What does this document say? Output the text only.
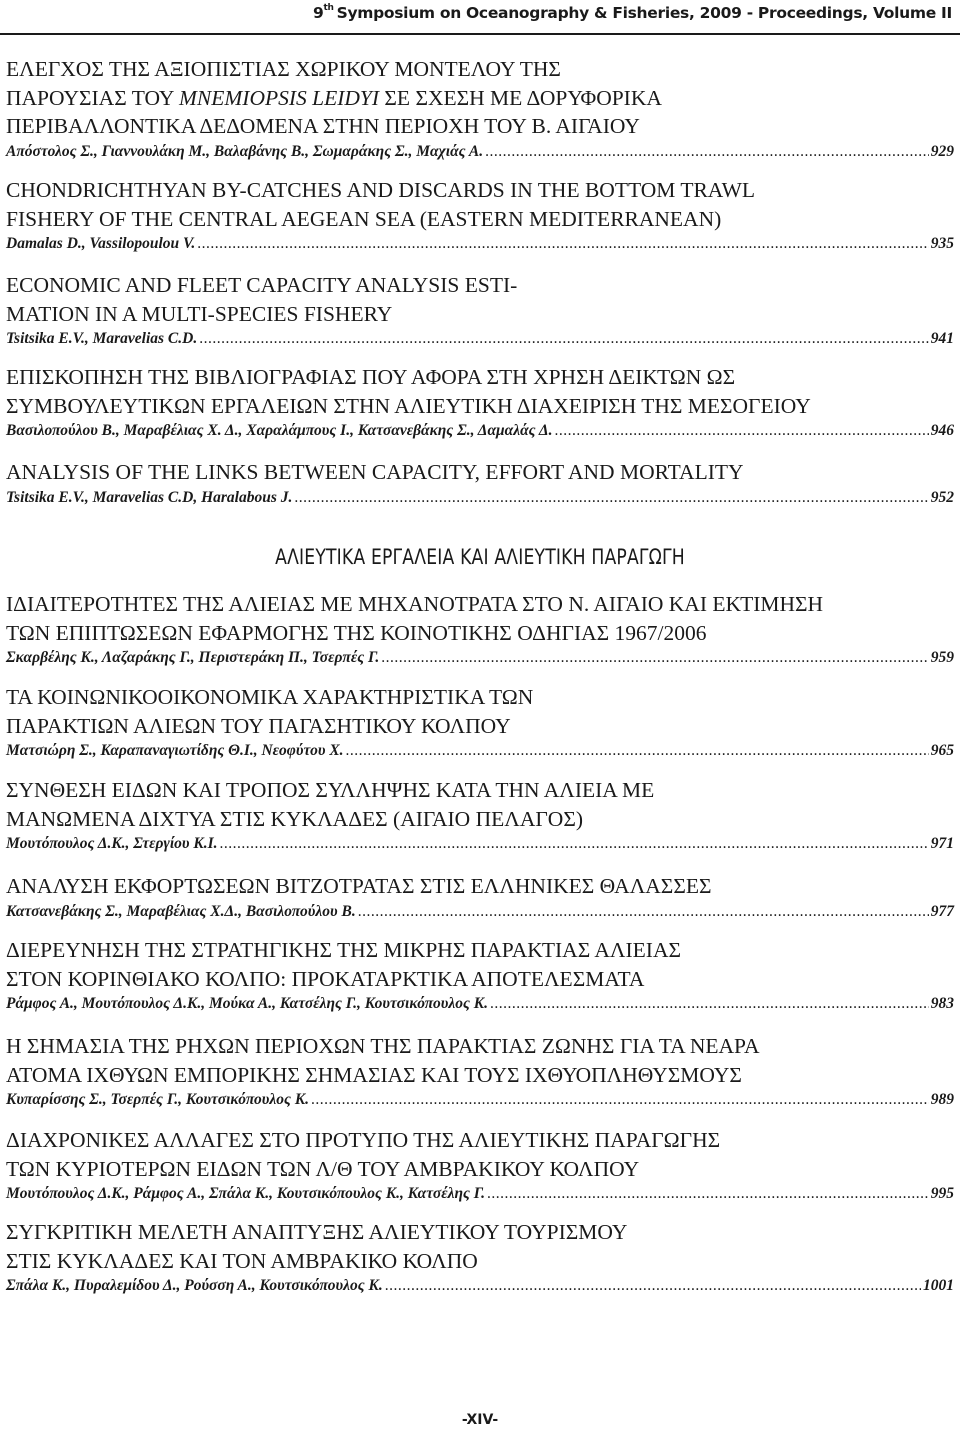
9th Symposium on Oceanography & Fisheries, 2009 - Proceedings, Volume II
ΕΛΕΓΧΟΣ ΤΗΣ ΑΞΙΟΠΙΣΤΙΑΣ ΧΩΡΙΚΟΥ ΜΟΝΤΕΛΟΥ ΤΗΣ
ΠΑΡΟΥΣΙΑΣ ΤΟΥ MNEMIOPSIS LEIDYI ΣΕ ΣΧΕΣΗ ΜΕ ΔΟΡΥΦΟΡΙΚΑ
ΠΕΡΙΒΑΛΛΟΝΤΙΚΑ ΔΕΔΟΜΕΝΑ ΣΤΗΝ ΠΕΡΙΟΧΗ ΤΟΥ Β. ΑΙΓΑΙΟΥ
Απόστολος Σ., Γιαννουλάκη Μ., Βαλαβάνης Β., Σωμαράκης Σ., Μαχιάς Α. .....	929
CHONDRICHTHYAN BY-CATCHES AND DISCARDS IN THE BOTTOM TRAWL
FISHERY OF THE CENTRAL AEGEAN SEA (EASTERN MEDITERRANEAN)
Damalas D., Vassilopoulou V. .....	935
ECONOMIC AND FLEET CAPACITY ANALYSIS ESTI-
MATION IN A MULTI-SPECIES FISHERY
Tsitsika E.V., Maravelias C.D. .....	941
ΕΠΙΣΚΟΠΗΣΗ ΤΗΣ ΒΙΒΛΙΟΓΡΑΦΙΑΣ ΠΟΥ ΑΦΟΡΑ ΣΤΗ ΧΡΗΣΗ ΔΕΙΚΤΩΝ ΩΣ
ΣΥΜΒΟΥΛΕΥΤΙΚΩΝ ΕΡΓΑΛΕΙΩΝ ΣΤΗΝ ΑΛΙΕΥΤΙΚΗ ΔΙΑΧΕΙΡΙΣΗ ΤΗΣ ΜΕΣΟΓΕΙΟΥ
Βασιλοπούλου Β., Μαραβέλιας Χ. Δ., Χαραλάμπους Ι., Κατσανεβάκης Σ., Δαμαλάς Δ. .....	946
ANALYSIS OF THE LINKS BETWEEN CAPACITY, EFFORT AND MORTALITY
Tsitsika E.V., Maravelias C.D, Haralabous J. .....	952
ΑΛΙΕΥΤΙΚΑ ΕΡΓΑΛΕΙΑ ΚΑΙ ΑΛΙΕΥΤΙΚΗ ΠΑΡΑΓΩΓΗ
ΙΔΙΑΙΤΕΡΟΤΗΤΕΣ ΤΗΣ ΑΛΙΕΙΑΣ ΜΕ ΜΗΧΑΝΟΤΡΑΤΑ ΣΤΟ Ν. ΑΙΓΑΙΟ ΚΑΙ ΕΚΤΙΜΗΣΗ
ΤΩΝ ΕΠΙΠΤΩΣΕΩΝ ΕΦΑΡΜΟΓΗΣ ΤΗΣ ΚΟΙΝΟΤΙΚΗΣ ΟΔΗΓΙΑΣ 1967/2006
Σκαρβέλης Κ., Λαζαράκης Γ., Περιστεράκη Π., Τσερπές Γ. .....	959
ΤΑ ΚΟΙΝΩΝΙΚΟΟΙΚΟΝΟΜΙΚΑ ΧΑΡΑΚΤΗΡΙΣΤΙΚΑ ΤΩΝ
ΠΑΡΑΚΤΙΩΝ ΑΛΙΕΩΝ ΤΟΥ ΠΑΓΑΣΗΤΙΚΟΥ ΚΟΛΠΟΥ
Ματσιώρη Σ., Καραπαναγιωτίδης Θ.Ι., Νεοφύτου Χ. .....	965
ΣΥΝΘΕΣΗ ΕΙΔΩΝ ΚΑΙ ΤΡΟΠΟΣ ΣΥΛΛΗΨΗΣ ΚΑΤΑ ΤΗΝ ΑΛΙΕΙΑ ΜΕ
ΜΑΝΩΜΕΝΑ ΔΙΧΤΥΑ ΣΤΙΣ ΚΥΚΛΑΔΕΣ (ΑΙΓΑΙΟ ΠΕΛΑΓΟΣ)
Μουτόπουλος Δ.Κ., Στεργίου Κ.Ι. .....	971
ΑΝΑΛΥΣΗ ΕΚΦΟΡΤΩΣΕΩΝ ΒΙΤΖΟΤΡΑΤΑΣ ΣΤΙΣ ΕΛΛΗΝΙΚΕΣ ΘΑΛΑΣΣΕΣ
Κατσανεβάκης Σ., Μαραβέλιας Χ.Δ., Βασιλοπούλου Β. .....	977
ΔΙΕΡΕΥΝΗΣΗ ΤΗΣ ΣΤΡΑΤΗΓΙΚΗΣ ΤΗΣ ΜΙΚΡΗΣ ΠΑΡΑΚΤΙΑΣ ΑΛΙΕΙΑΣ
ΣΤΟΝ ΚΟΡΙΝΘΙΑΚΟ ΚΟΛΠΟ: ΠΡΟΚΑΤΑΡΚΤΙΚΑ ΑΠΟΤΕΛΕΣΜΑΤΑ
Ράμφος Α., Μουτόπουλος Δ.Κ., Μούκα Α., Κατσέλης Γ., Κουτσικόπουλος Κ. .....	983
Η ΣΗΜΑΣΙΑ ΤΗΣ ΡΗΧΩΝ ΠΕΡΙΟΧΩΝ ΤΗΣ ΠΑΡΑΚΤΙΑΣ ΖΩΝΗΣ ΓΙΑ ΤΑ ΝΕΑΡΑ
ΑΤΟΜΑ ΙΧΘΥΩΝ ΕΜΠΟΡΙΚΗΣ ΣΗΜΑΣΙΑΣ ΚΑΙ ΤΟΥΣ ΙΧΘΥΟΠΛΗΘΥΣΜΟΥΣ
Κυπαρίσσης Σ., Τσερπές Γ., Κουτσικόπουλος Κ. .....	989
ΔΙΑΧΡΟΝΙΚΕΣ ΑΛΛΑΓΕΣ ΣΤΟ ΠΡΟΤΥΠΟ ΤΗΣ ΑΛΙΕΥΤΙΚΗΣ ΠΑΡΑΓΩΓΗΣ
ΤΩΝ ΚΥΡΙΟΤΕΡΩΝ ΕΙΔΩΝ ΤΩΝ Λ/Θ ΤΟΥ ΑΜΒΡΑΚΙΚΟΥ ΚΟΛΠΟΥ
Μουτόπουλος Δ.Κ., Ράμφος Α., Σπάλα Κ., Κουτσικόπουλος Κ., Κατσέλης Γ. .....	995
ΣΥΓΚΡΙΤΙΚΗ ΜΕΛΕΤΗ ΑΝΑΠΤΥΞΗΣ ΑΛΙΕΥΤΙΚΟΥ ΤΟΥΡΙΣΜΟΥ
ΣΤΙΣ ΚΥΚΛΑΔΕΣ ΚΑΙ ΤΟΝ ΑΜΒΡΑΚΙΚΟ ΚΟΛΠΟ
Σπάλα Κ., Πυραλεμίδου Δ., Ρούσση Α., Κουτσικόπουλος Κ. .....	1001
-XIV-
